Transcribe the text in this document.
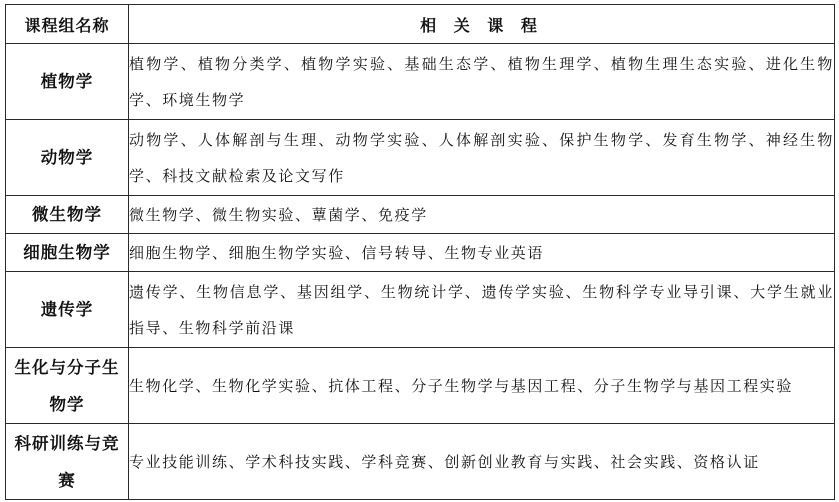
课程组名称	相 关 课 程
植物学	植物学、植物分类学、植物学实验、基础生态学、植物生理学、植物生理生态实验、进化生物学、环境生物学
动物学	动物学、人体解剖与生理、动物学实验、人体解剖实验、保护生物学、发育生物学、神经生物学、科技文献检索及论文写作
微生物学	微生物学、微生物实验、蕈菌学、免疫学
细胞生物学	细胞生物学、细胞生物学实验、信号转导、生物专业英语
遗传学	遗传学、生物信息学、基因组学、生物统计学、遗传学实验、生物科学专业导引课、大学生就业指导、生物科学前沿课
生化与分子生物学	生物化学、生物化学实验、抗体工程、分子生物学与基因工程、分子生物学与基因工程实验
科研训练与竞赛	专业技能训练、学术科技实践、学科竞赛、创新创业教育与实践、社会实践、资格认证
